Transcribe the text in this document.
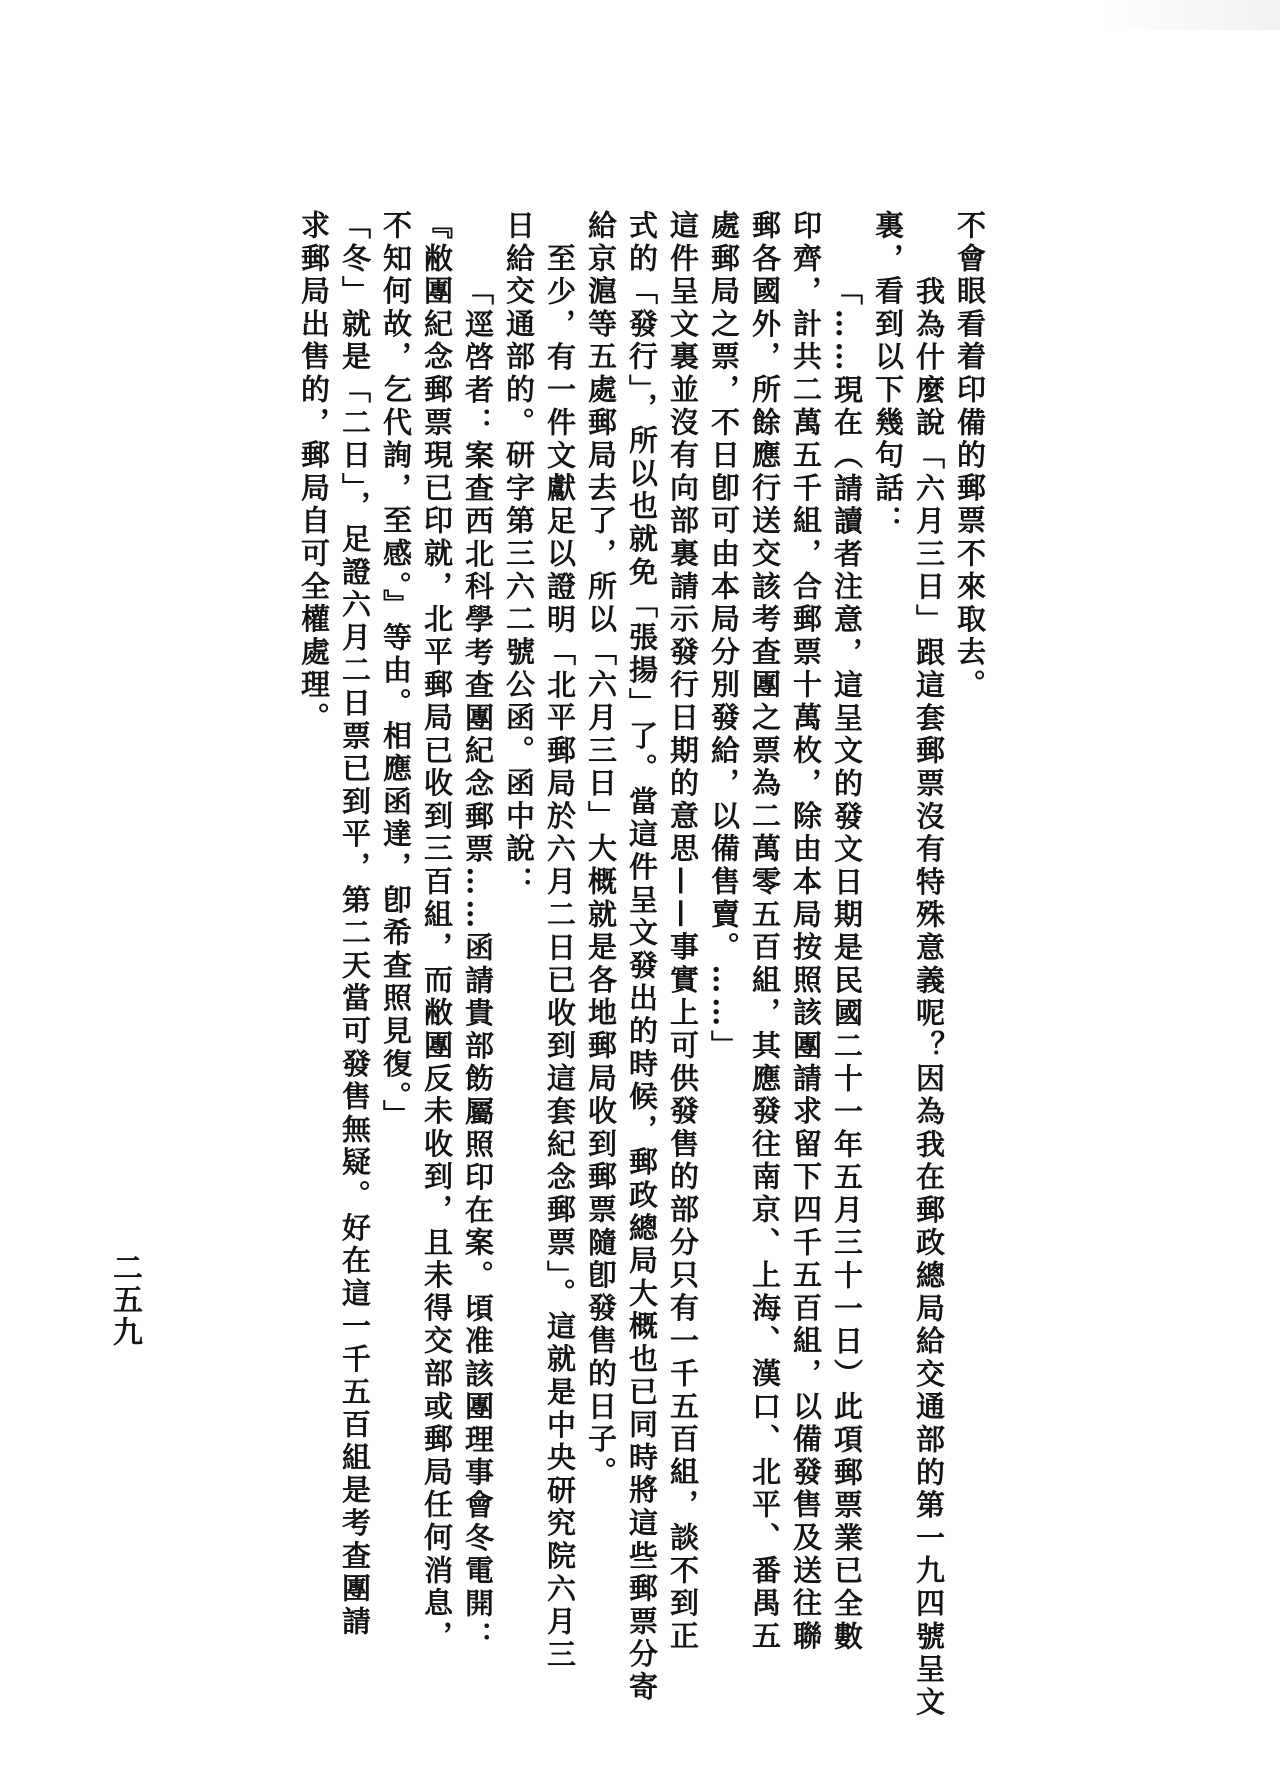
不會眼看着印備的郵票不來取去。

我為什麼說「六月三日」跟這套郵票沒有特殊意義呢？因為我在郵政總局給交通部的第一九四號呈文

裏，看到以下幾句話：

「……現在（請讀者注意，這呈文的發文日期是民國二十一年五月三十一日）此項郵票業已全數

印齊，計共二萬五千組，合郵票十萬枚，除由本局按照該團請求留下四千五百組，以備發售及送往聯

郵各國外，所餘應行送交該考查團之票為二萬零五百組，其應發往南京、上海、漢口、北平、番禺五

處郵局之票，不日卽可由本局分別發給，以備售賣。……」

這件呈文裏並沒有向部裏請示發行日期的意思——事實上可供發售的部分只有一千五百組，談不到正

式的「發行」，所以也就免「張揚」了。當這件呈文發出的時候，郵政總局大概也已同時將這些郵票分寄

給京滬等五處郵局去了，所以「六月三日」大概就是各地郵局收到郵票隨卽發售的日子。

至少，有一件文獻足以證明「北平郵局於六月二日已收到這套紀念郵票」。這就是中央研究院六月三

日給交通部的。研字第三六二號公函。函中說：

「逕啓者：案查西北科學考查團紀念郵票……函請貴部飭屬照印在案。頃准該團理事會冬電開：

『敝團紀念郵票現已印就，北平郵局已收到三百組，而敝團反未收到，且未得交部或郵局任何消息，

不知何故，乞代詢，至感。』等由。相應函達，卽希查照見復。」

「冬」就是「二日」，足證六月二日票已到平，第二天當可發售無疑。好在這一千五百組是考查團請

求郵局出售的，郵局自可全權處理。

二五九
